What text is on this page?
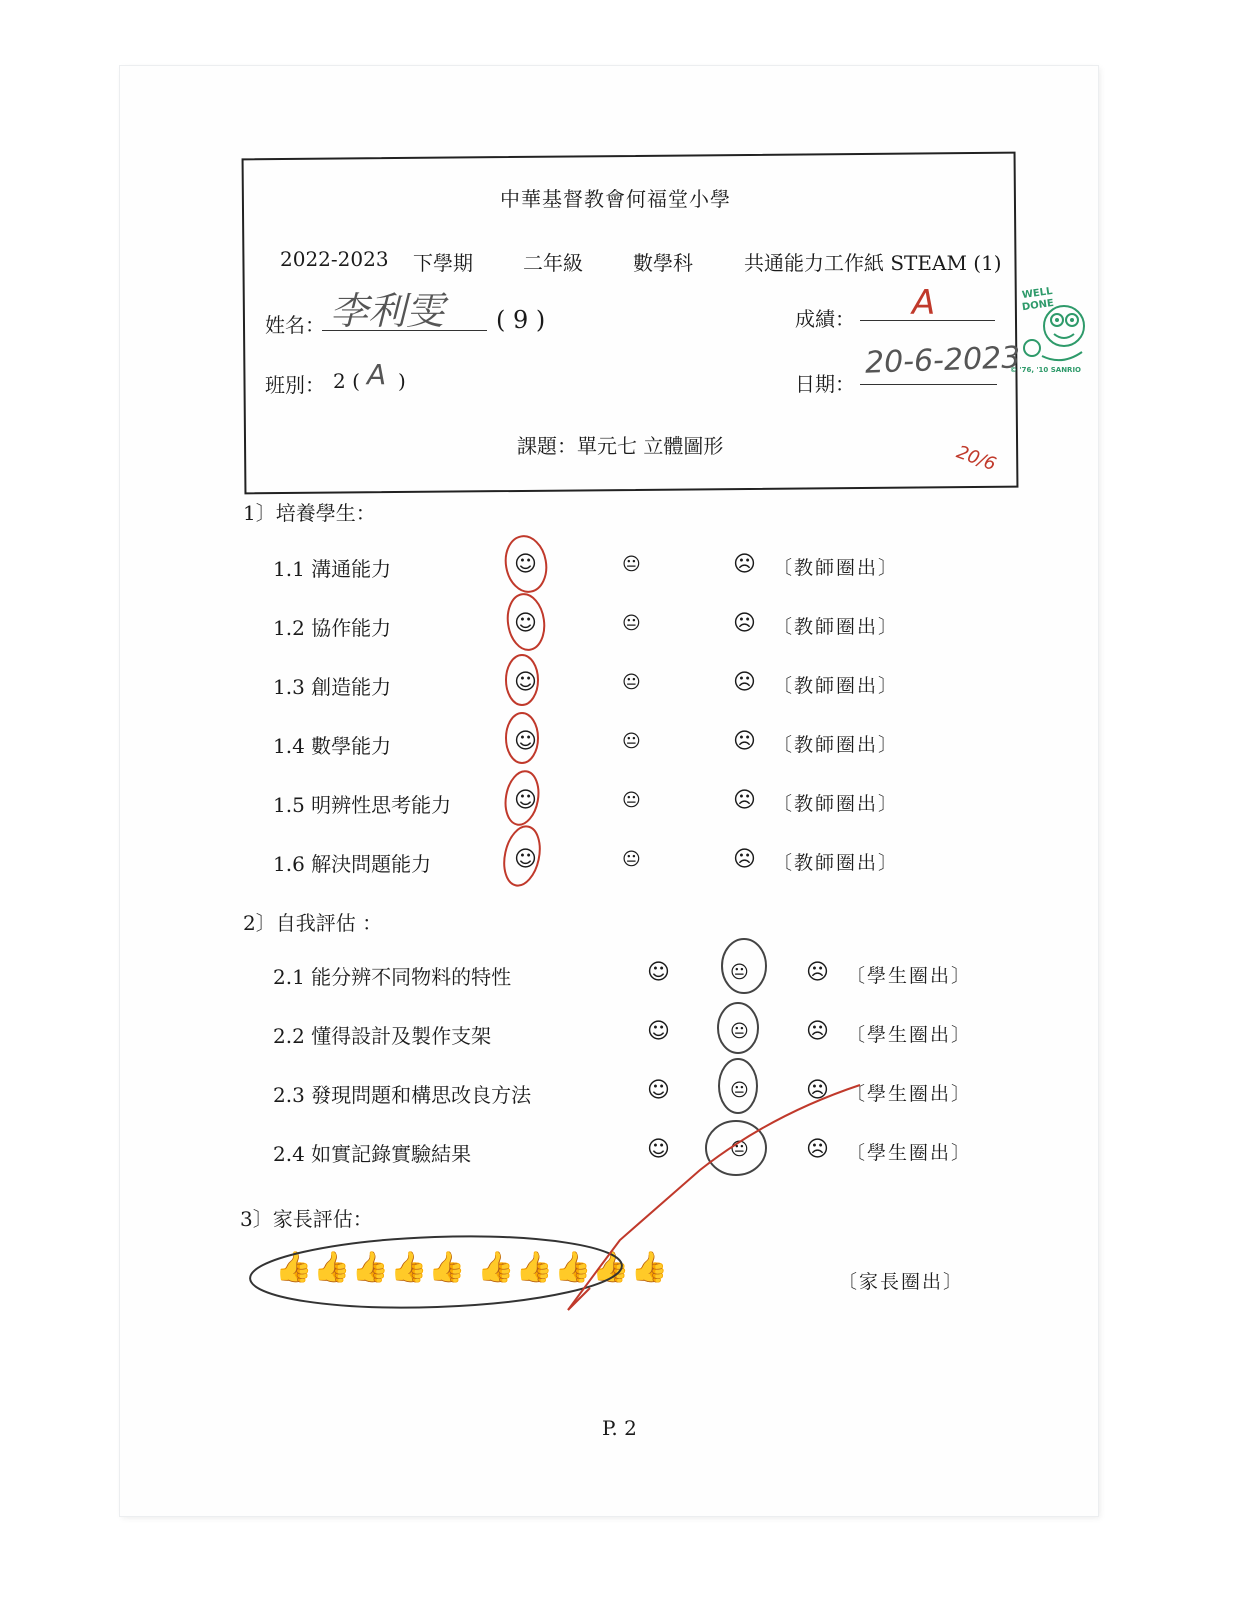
中華基督教會何福堂小學
2022-2023 下學期	二年級	數學科	共通能力工作紙 STEAM (1)
姓名： 李利雯 ( 9 )	成績： A
班別： 2 ( A )	日期：
20-6-2023
課題：單元七 立體圖形	20/6
WELL
DONE
© '76, '10 SANRIO
1〕培養學生：
1.1 溝通能力	☺	😐	☹ 〔教師圈出〕
1.2 協作能力	☺	😐	☹ 〔教師圈出〕
1.3 創造能力	☺	😐	☹ 〔教師圈出〕
1.4 數學能力	☺	😐	☹ 〔教師圈出〕
1.5 明辨性思考能力	☺	😐	☹ 〔教師圈出〕
1.6 解決問題能力	☺	😐	☹ 〔教師圈出〕
2〕自我評估 ：
2.1 能分辨不同物料的特性	☺	😐	☹ 〔學生圈出〕
2.2 懂得設計及製作支架	☺	😐	☹ 〔學生圈出〕
2.3 發現問題和構思改良方法	☺	😐	☹ 〔學生圈出〕
2.4 如實記錄實驗結果	☺	😐	☹ 〔學生圈出〕
3〕家長評估：
👍👍👍👍👍 👍👍👍👍👍	〔家長圈出〕
P. 2
